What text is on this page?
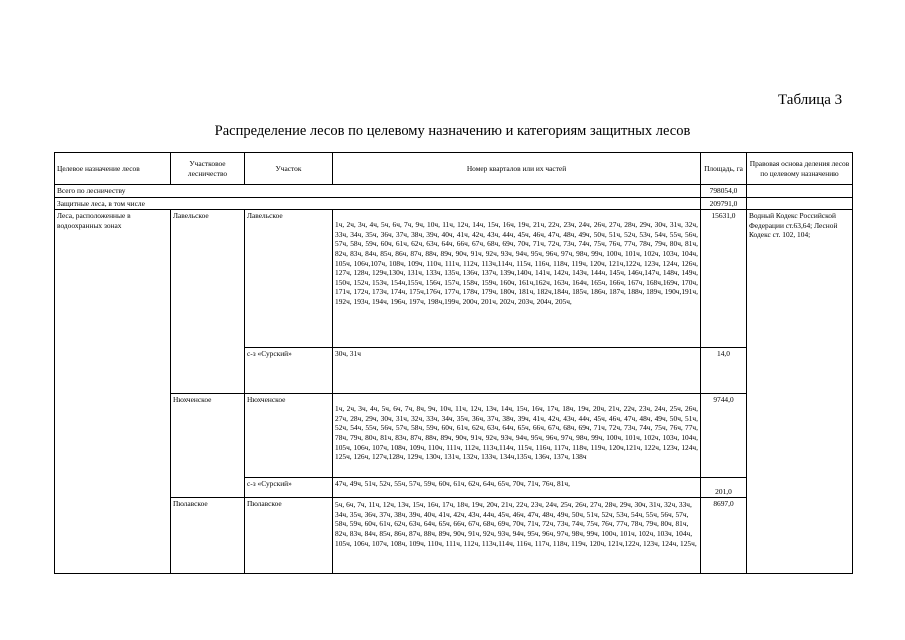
Таблица 3
Распределение лесов по целевому назначению и категориям защитных лесов
Целевое назначение лесов	Участковое лесничество	Участок	Номер кварталов или их частей	Площадь, га	Правовая основа деления лесов по целевому назначению
Всего по лесничеству				798054,0	
Защитные леса, в том числе				209791,0	
Леса, расположенные в водоохранных зонах	Лавельское	Лавельское	1ч, 2ч, 3ч, 4ч, 5ч, 6ч, 7ч, 9ч, 10ч, 11ч, 12ч, 14ч, 15ч, 16ч, 19ч, 21ч, 22ч, 23ч, 24ч, 26ч, 27ч, 28ч, 29ч, 30ч, 31ч, 32ч, 33ч, 34ч, 35ч, 36ч, 37ч, 38ч, 39ч, 40ч, 41ч, 42ч, 43ч, 44ч, 45ч, 46ч, 47ч, 48ч, 49ч, 50ч, 51ч, 52ч, 53ч, 54ч, 55ч, 56ч, 57ч, 58ч, 59ч, 60ч, 61ч, 62ч, 63ч, 64ч, 66ч, 67ч, 68ч, 69ч, 70ч, 71ч, 72ч, 73ч, 74ч, 75ч, 76ч, 77ч, 78ч, 79ч, 80ч, 81ч, 82ч, 83ч, 84ч, 85ч, 86ч, 87ч, 88ч, 89ч, 90ч, 91ч, 92ч, 93ч, 94ч, 95ч, 96ч, 97ч, 98ч, 99ч, 100ч, 101ч, 102ч, 103ч, 104ч, 105ч, 106ч,107ч, 108ч, 109ч, 110ч, 111ч, 112ч, 113ч,114ч, 115ч, 116ч, 118ч, 119ч, 120ч, 121ч,122ч, 123ч, 124ч, 126ч, 127ч, 128ч, 129ч,130ч, 131ч, 133ч, 135ч, 136ч, 137ч, 139ч,140ч, 141ч, 142ч, 143ч, 144ч, 145ч, 146ч,147ч, 148ч, 149ч, 150ч, 152ч, 153ч, 154ч,155ч, 156ч, 157ч, 158ч, 159ч, 160ч, 161ч,162ч, 163ч, 164ч, 165ч, 166ч, 167ч, 168ч,169ч, 170ч, 171ч, 172ч, 173ч, 174ч, 175ч,176ч, 177ч, 178ч, 179ч, 180ч, 181ч, 182ч,184ч, 185ч, 186ч, 187ч, 188ч, 189ч, 190ч,191ч, 192ч, 193ч, 194ч, 196ч, 197ч, 198ч,199ч, 200ч, 201ч, 202ч, 203ч, 204ч, 205ч,	15631,0	Водный Кодекс Российской Федерации ст.63,64; Лесной Кодекс ст. 102, 104;
		с-з «Сурский»	30ч, 31ч	14,0	
	Нюхченское	Нюхченское	1ч, 2ч, 3ч, 4ч, 5ч, 6ч, 7ч, 8ч, 9ч, 10ч, 11ч, 12ч, 13ч, 14ч, 15ч, 16ч, 17ч, 18ч, 19ч, 20ч, 21ч, 22ч, 23ч, 24ч, 25ч, 26ч, 27ч, 28ч, 29ч, 30ч, 31ч, 32ч, 33ч, 34ч, 35ч, 36ч, 37ч, 38ч, 39ч, 41ч, 42ч, 43ч, 44ч, 45ч, 46ч, 47ч, 48ч, 49ч, 50ч, 51ч, 52ч, 54ч, 55ч, 56ч, 57ч, 58ч, 59ч, 60ч, 61ч, 62ч, 63ч, 64ч, 65ч, 66ч, 67ч, 68ч, 69ч, 71ч, 72ч, 73ч, 74ч, 75ч, 76ч, 77ч, 78ч, 79ч, 80ч, 81ч, 83ч, 87ч, 88ч, 89ч, 90ч, 91ч, 92ч, 93ч, 94ч, 95ч, 96ч, 97ч, 98ч, 99ч, 100ч, 101ч, 102ч, 103ч, 104ч, 105ч, 106ч, 107ч, 108ч, 109ч, 110ч, 111ч, 112ч, 113ч,114ч, 115ч, 116ч, 117ч, 118ч, 119ч, 120ч,121ч, 122ч, 123ч, 124ч, 125ч, 126ч, 127ч,128ч, 129ч, 130ч, 131ч, 132ч, 133ч, 134ч,135ч, 136ч, 137ч, 138ч	9744,0	
		с-з «Сурский»	47ч, 49ч, 51ч, 52ч, 55ч, 57ч, 59ч, 60ч, 61ч, 62ч, 64ч, 65ч, 70ч, 71ч, 76ч, 81ч,	201,0	
	Пюлавское	Пюлавское	5ч, 6ч, 7ч, 11ч, 12ч, 13ч, 15ч, 16ч, 17ч, 18ч, 19ч, 20ч, 21ч, 22ч, 23ч, 24ч, 25ч, 26ч, 27ч, 28ч, 29ч, 30ч, 31ч, 32ч, 33ч, 34ч, 35ч, 36ч, 37ч, 38ч, 39ч, 40ч, 41ч, 42ч, 43ч, 44ч, 45ч, 46ч, 47ч, 48ч, 49ч, 50ч, 51ч, 52ч, 53ч, 54ч, 55ч, 56ч, 57ч, 58ч, 59ч, 60ч, 61ч, 62ч, 63ч, 64ч, 65ч, 66ч, 67ч, 68ч, 69ч, 70ч, 71ч, 72ч, 73ч, 74ч, 75ч, 76ч, 77ч, 78ч, 79ч, 80ч, 81ч, 82ч, 83ч, 84ч, 85ч, 86ч, 87ч, 88ч, 89ч, 90ч, 91ч, 92ч, 93ч, 94ч, 95ч, 96ч, 97ч, 98ч, 99ч, 100ч, 101ч, 102ч, 103ч, 104ч, 105ч, 106ч, 107ч, 108ч, 109ч, 110ч, 111ч, 112ч, 113ч,114ч, 116ч, 117ч, 118ч, 119ч, 120ч, 121ч,122ч, 123ч, 124ч, 125ч,	8697,0	
